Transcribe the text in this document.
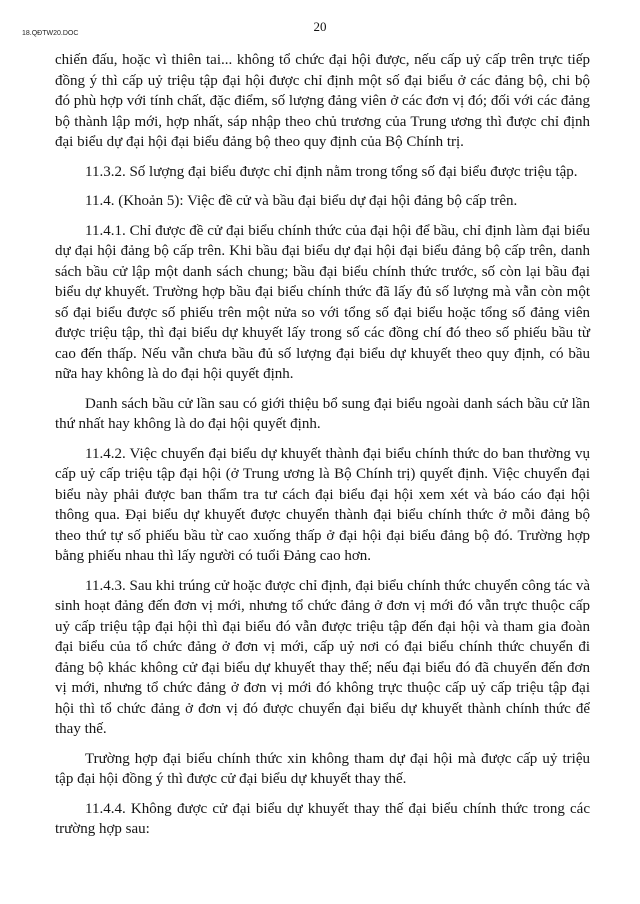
18.QĐTW20.DOC	20

chiến đấu, hoặc vì thiên tai... không tổ chức đại hội được, nếu cấp uỷ cấp trên trực tiếp đồng ý thì cấp uỷ triệu tập đại hội được chỉ định một số đại biểu ở các đảng bộ, chi bộ đó phù hợp với tính chất, đặc điểm, số lượng đảng viên ở các đơn vị đó; đối với các đảng bộ thành lập mới, hợp nhất, sáp nhập theo chủ trương của Trung ương thì được chỉ định đại biểu dự đại hội đại biểu đảng bộ theo quy định của Bộ Chính trị.

11.3.2. Số lượng đại biểu được chỉ định nằm trong tổng số đại biểu được triệu tập.

11.4. (Khoản 5): Việc đề cử và bầu đại biểu dự đại hội đảng bộ cấp trên.

11.4.1. Chỉ được đề cử đại biểu chính thức của đại hội để bầu, chỉ định làm đại biểu dự đại hội đảng bộ cấp trên. Khi bầu đại biểu dự đại hội đại biểu đảng bộ cấp trên, danh sách bầu cử lập một danh sách chung; bầu đại biểu chính thức trước, số còn lại bầu đại biểu dự khuyết. Trường hợp bầu đại biểu chính thức đã lấy đủ số lượng mà vẫn còn một số đại biểu được số phiếu trên một nửa so với tổng số đại biểu hoặc tổng số đảng viên được triệu tập, thì đại biểu dự khuyết lấy trong số các đồng chí đó theo số phiếu bầu từ cao đến thấp. Nếu vẫn chưa bầu đủ số lượng đại biểu dự khuyết theo quy định, có bầu nữa hay không là do đại hội quyết định.

Danh sách bầu cử lần sau có giới thiệu bổ sung đại biểu ngoài danh sách bầu cử lần thứ nhất hay không là do đại hội quyết định.

11.4.2. Việc chuyển đại biểu dự khuyết thành đại biểu chính thức do ban thường vụ cấp uỷ cấp triệu tập đại hội (ở Trung ương là Bộ Chính trị) quyết định. Việc chuyển đại biểu này phải được ban thẩm tra tư cách đại biểu đại hội xem xét và báo cáo đại hội thông qua. Đại biểu dự khuyết được chuyển thành đại biểu chính thức ở mỗi đảng bộ theo thứ tự số phiếu bầu từ cao xuống thấp ở đại hội đại biểu đảng bộ đó. Trường hợp bằng phiếu nhau thì lấy người có tuổi Đảng cao hơn.

11.4.3. Sau khi trúng cử hoặc được chỉ định, đại biểu chính thức chuyển công tác và sinh hoạt đảng đến đơn vị mới, nhưng tổ chức đảng ở đơn vị mới đó vẫn trực thuộc cấp uỷ cấp triệu tập đại hội thì đại biểu đó vẫn được triệu tập đến đại hội và tham gia đoàn đại biểu của tổ chức đảng ở đơn vị mới, cấp uỷ nơi có đại biểu chính thức chuyển đi đảng bộ khác không cử đại biểu dự khuyết thay thế; nếu đại biểu đó đã chuyển đến đơn vị mới, nhưng tổ chức đảng ở đơn vị mới đó không trực thuộc cấp uỷ cấp triệu tập đại hội thì tổ chức đảng ở đơn vị đó được chuyển đại biểu dự khuyết thành chính thức để thay thế.

Trường hợp đại biểu chính thức xin không tham dự đại hội mà được cấp uỷ triệu tập đại hội đồng ý thì được cử đại biểu dự khuyết thay thế.

11.4.4. Không được cử đại biểu dự khuyết thay thế đại biểu chính thức trong các trường hợp sau:
